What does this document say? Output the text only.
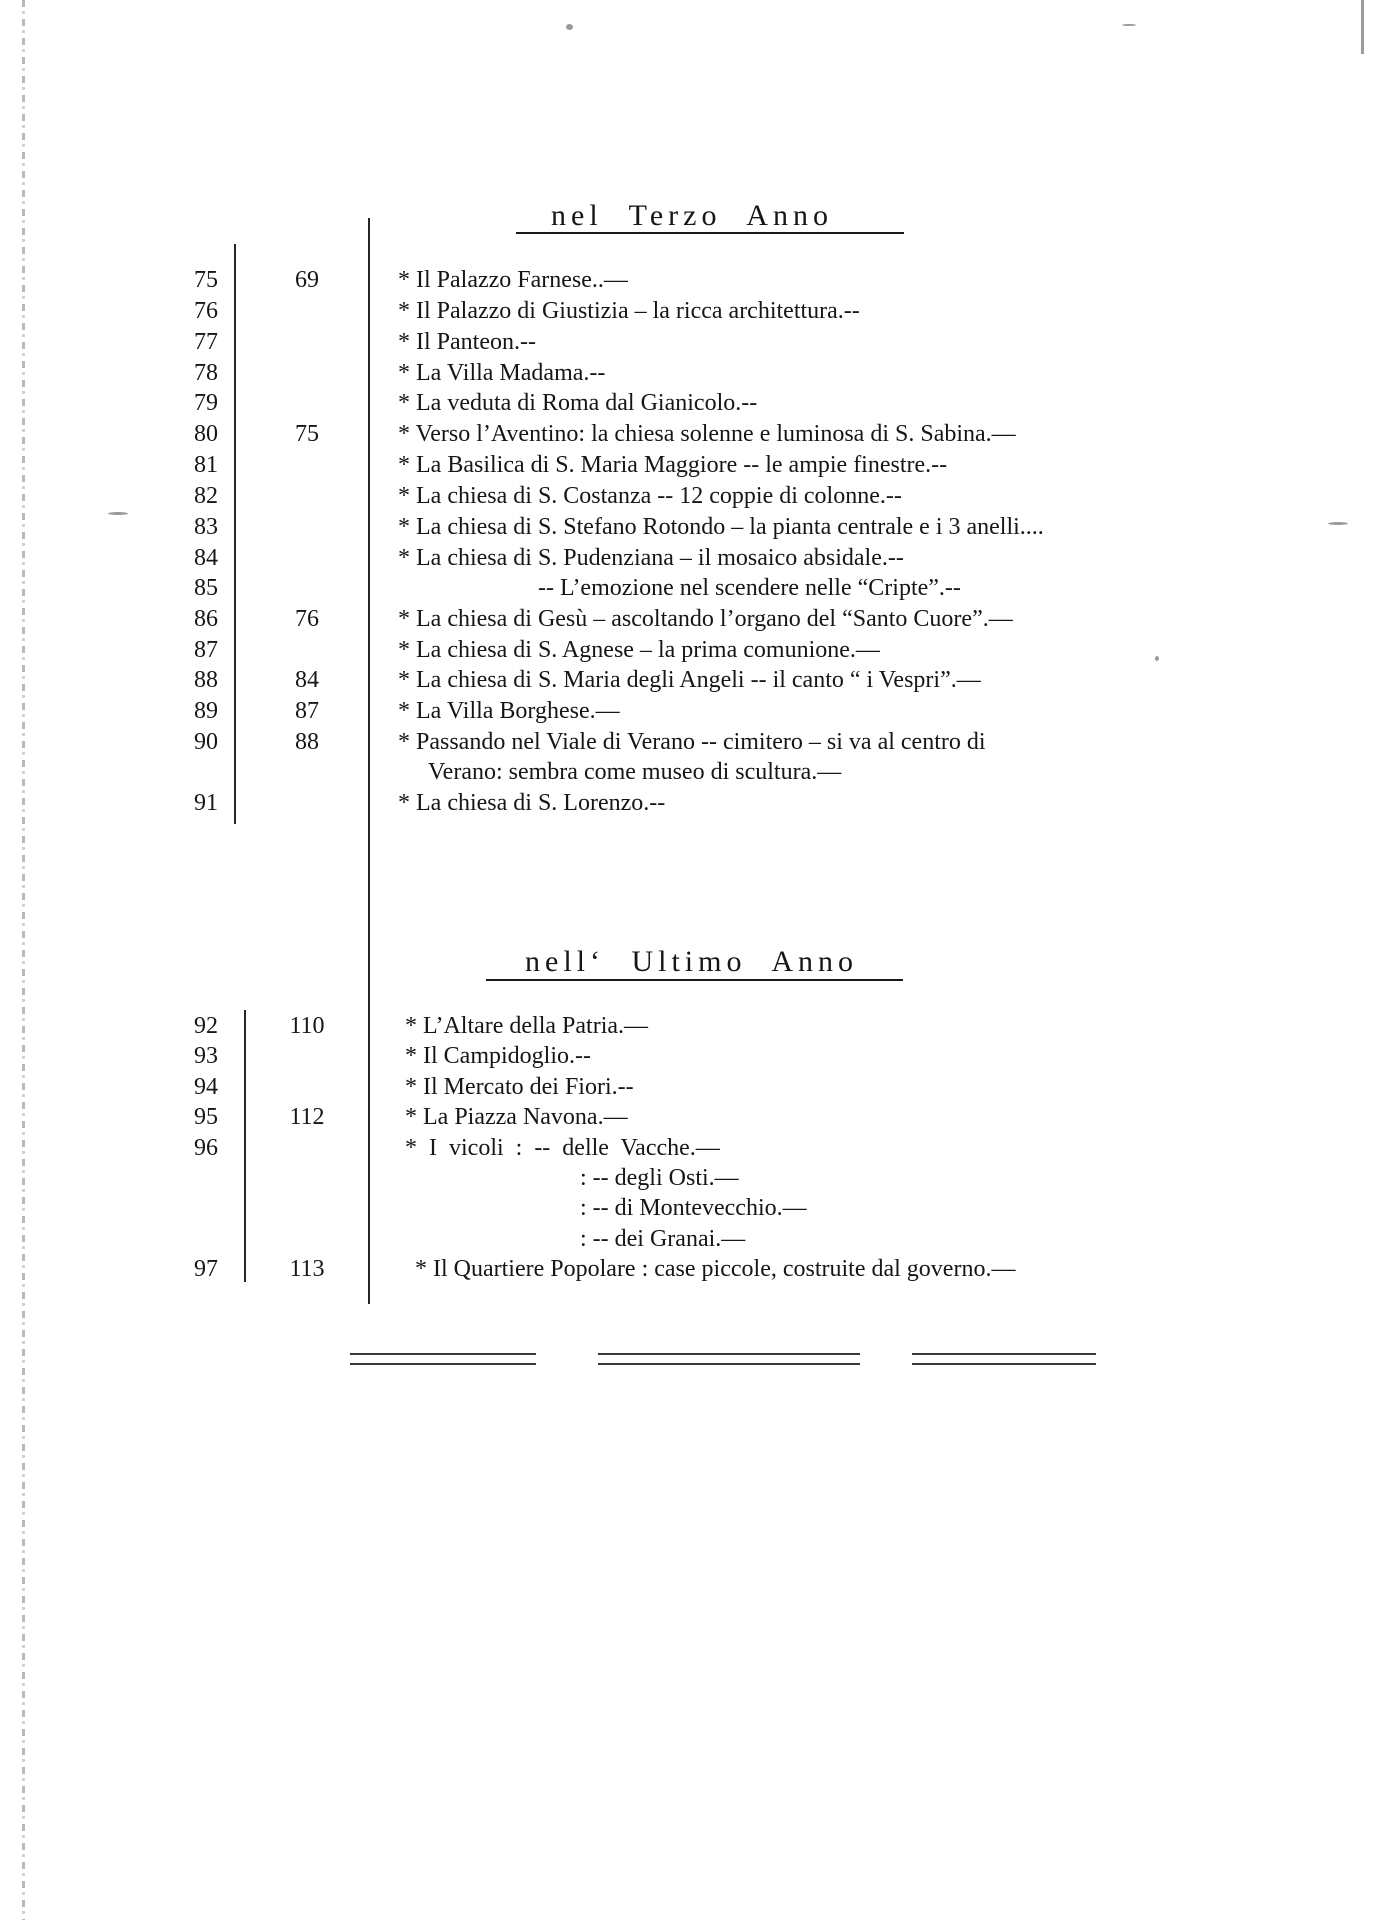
nel Terzo Anno
nell‘ Ultimo Anno
75	69	* Il Palazzo Farnese..—
76	* Il Palazzo di Giustizia – la ricca architettura.--
77	* Il Panteon.--
78	* La Villa Madama.--
79	* La veduta di Roma dal Gianicolo.--
80	75	* Verso l’Aventino: la chiesa solenne e luminosa di S. Sabina.—
81	* La Basilica di S. Maria Maggiore -- le ampie finestre.--
82	* La chiesa di S. Costanza -- 12 coppie di colonne.--
83	* La chiesa di S. Stefano Rotondo – la pianta centrale e i 3 anelli....
84	* La chiesa di S. Pudenziana – il mosaico absidale.--
85	-- L’emozione nel scendere nelle “Cripte”.--
86	76	* La chiesa di Gesù – ascoltando l’organo del “Santo Cuore”.—
87	* La chiesa di S. Agnese – la prima comunione.—
88	84	* La chiesa di S. Maria degli Angeli -- il canto “ i Vespri”.—
89	87	* La Villa Borghese.—
90	88	* Passando nel Viale di Verano -- cimitero – si va al centro di
Verano: sembra come museo di scultura.—
91	* La chiesa di S. Lorenzo.--
92	110	* L’Altare della Patria.—
93	* Il Campidoglio.--
94	* Il Mercato dei Fiori.--
95	112	* La Piazza Navona.—
96	* I vicoli : -- delle Vacche.—
: -- degli Osti.—
: -- di Montevecchio.—
: -- dei Granai.—
97	113	* Il Quartiere Popolare : case piccole, costruite dal governo.—
